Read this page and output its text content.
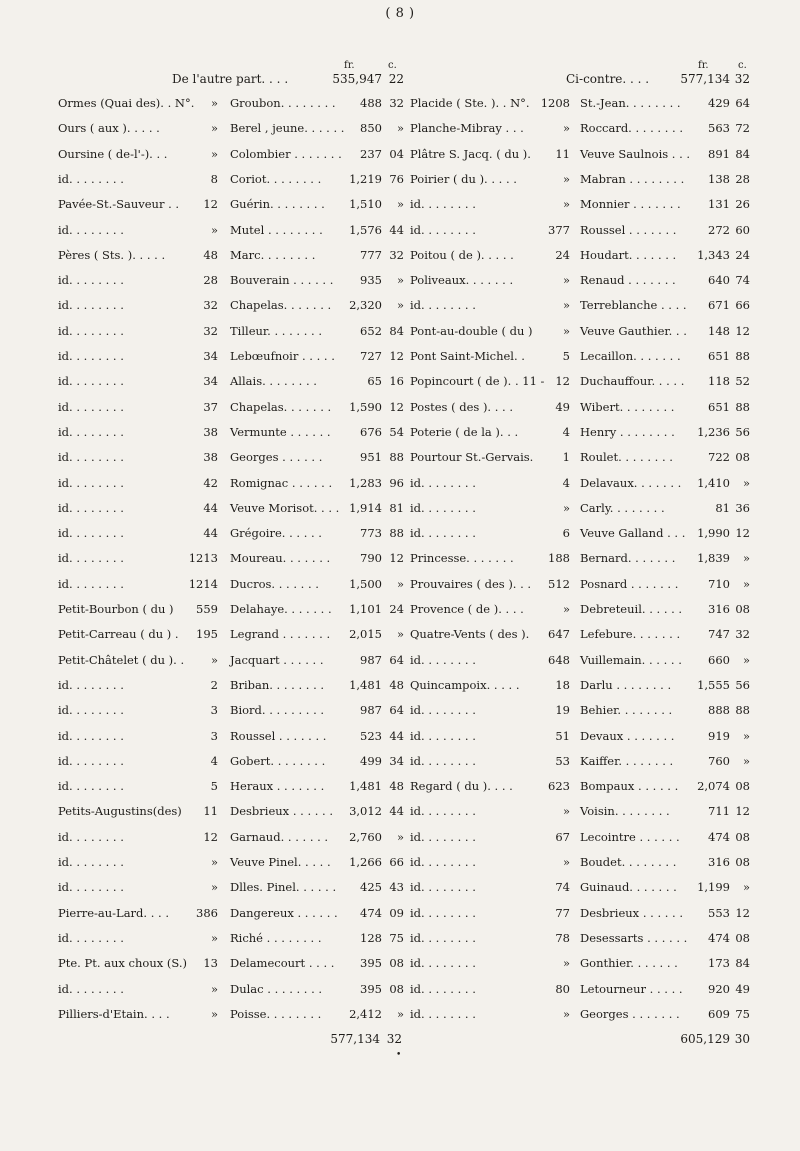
( 8 )
fr.	c.
De l'autre part. . . .	535,947 22
Ormes (Quai des). . N°.	» Groubon. . . . . . . .	488 32
Ours ( aux ). . . . .	» Berel , jeune. . . . . .	850	»
Oursine ( de-l'-). . .	» Colombier . . . . . . .	237 04
id. . . . . . . .	8 Coriot. . . . . . . .	1,219 76
Pavée-St.-Sauveur . .	12 Guérin. . . . . . . .	1,510	»
id. . . . . . . .	» Mutel . . . . . . . .	1,576 44
Pères ( Sts. ). . . . .	48 Marc. . . . . . . .	777 32
id. . . . . . . .	28 Bouverain . . . . . .	935	»
id. . . . . . . .	32 Chapelas. . . . . . .	2,320	»
id. . . . . . . .	32 Tilleur. . . . . . . .	652 84
id. . . . . . . .	34 Lebœufnoir . . . . .	727 12
id. . . . . . . .	34 Allais. . . . . . . .	65 16
id. . . . . . . .	37 Chapelas. . . . . . .	1,590 12
id. . . . . . . .	38 Vermunte . . . . . .	676 54
id. . . . . . . .	38 Georges . . . . . .	951 88
id. . . . . . . .	42 Romignac . . . . . .	1,283 96
id. . . . . . . .	44 Veuve Morisot. . . . 1,914 81
id. . . . . . . .	44 Grégoire. . . . . .	773 88
id. . . . . . . .	1213 Moureau. . . . . . .	790 12
id. . . . . . . .	1214 Ducros. . . . . . .	1,500	»
Petit-Bourbon ( du )	559 Delahaye. . . . . . .	1,101 24
Petit-Carreau ( du ) .	195 Legrand . . . . . . .	2,015	»
Petit-Châtelet ( du ). .	» Jacquart . . . . . .	987 64
id. . . . . . . .	2 Briban. . . . . . . .	1,481 48
id. . . . . . . .	3 Biord. . . . . . . . .	987 64
id. . . . . . . .	3 Roussel . . . . . . .	523 44
id. . . . . . . .	4 Gobert. . . . . . . .	499 34
id. . . . . . . .	5 Heraux . . . . . . .	1,481 48
Petits-Augustins(des)	11 Desbrieux . . . . . .	3,012 44
id. . . . . . . .	12 Garnaud. . . . . . .	2,760	»
id. . . . . . . .	» Veuve Pinel. . . . .	1,266 66
id. . . . . . . .	» Dlles. Pinel. . . . . .	425 43
Pierre-au-Lard. . . .	386 Dangereux . . . . . .	474 09
id. . . . . . . .	» Riché . . . . . . . .	128 75
Pte. Pt. aux choux (S.)	13 Delamecourt . . . .	395 08
id. . . . . . . .	» Dulac . . . . . . . .	395 08
Pilliers-d'Etain. . . .	» Poisse. . . . . . . .	2,412	»
577,134 32
fr.	c.
Ci-contre. . . .	577,134 32
Placide ( Ste. ). . N°. 1208 St.-Jean. . . . . . . .	429 64
Planche-Mibray . . .	» Roccard. . . . . . . .	563 72
Plâtre S. Jacq. ( du ).	11 Veuve Saulnois . . .	891 84
Poirier ( du ). . . . .	» Mabran . . . . . . . .	138 28
id. . . . . . . .	» Monnier . . . . . . .	131 26
id. . . . . . . .	377 Roussel . . . . . . .	272 60
Poitou ( de ). . . . .	24 Houdart. . . . . . .	1,343 24
Poliveaux. . . . . . .	» Renaud . . . . . . .	640 74
id. . . . . . . .	» Terreblanche . . . .	671 66
Pont-au-double ( du )	» Veuve Gauthier. . .	148 12
Pont Saint-Michel. .	5 Lecaillon. . . . . . .	651 88
Popincourt ( de ). . 11 - 12 Duchauffour. . . . .	118 52
Postes ( des ). . . .	49 Wibert. . . . . . . .	651 88
Poterie ( de la ). . .	4 Henry . . . . . . . .	1,236 56
Pourtour St.-Gervais.	1 Roulet. . . . . . . .	722 08
id. . . . . . . .	4 Delavaux. . . . . . .	1,410	»
id. . . . . . . .	» Carly. . . . . . . .	81 36
id. . . . . . . .	6 Veuve Galland . . .	1,990 12
Princesse. . . . . . .	188 Bernard. . . . . . .	1,839	»
Prouvaires ( des ). . .	512 Posnard . . . . . . .	710	»
Provence ( de ). . . .	» Debreteuil. . . . . .	316 08
Quatre-Vents ( des ).	647 Lefebure. . . . . . .	747 32
id. . . . . . . .	648 Vuillemain. . . . . .	660	»
Quincampoix. . . . .	18 Darlu . . . . . . . .	1,555 56
id. . . . . . . .	19 Behier. . . . . . . .	888 88
id. . . . . . . .	51 Devaux . . . . . . .	919	»
id. . . . . . . .	53 Kaiffer. . . . . . . .	760	»
Regard ( du ). . . .	623 Bompaux . . . . . .	2,074 08
id. . . . . . . .	» Voisin. . . . . . . .	711 12
id. . . . . . . .	67 Lecointre . . . . . .	474 08
id. . . . . . . .	» Boudet. . . . . . . .	316 08
id. . . . . . . .	74 Guinaud. . . . . . .	1,199	»
id. . . . . . . .	77 Desbrieux . . . . . .	553 12
id. . . . . . . .	78 Desessarts . . . . . .	474 08
id. . . . . . . .	» Gonthier. . . . . . .	173 84
id. . . . . . . .	80 Letourneur . . . . .	920 49
id. . . . . . . .	» Georges . . . . . . .	609 75
605,129 30
•
